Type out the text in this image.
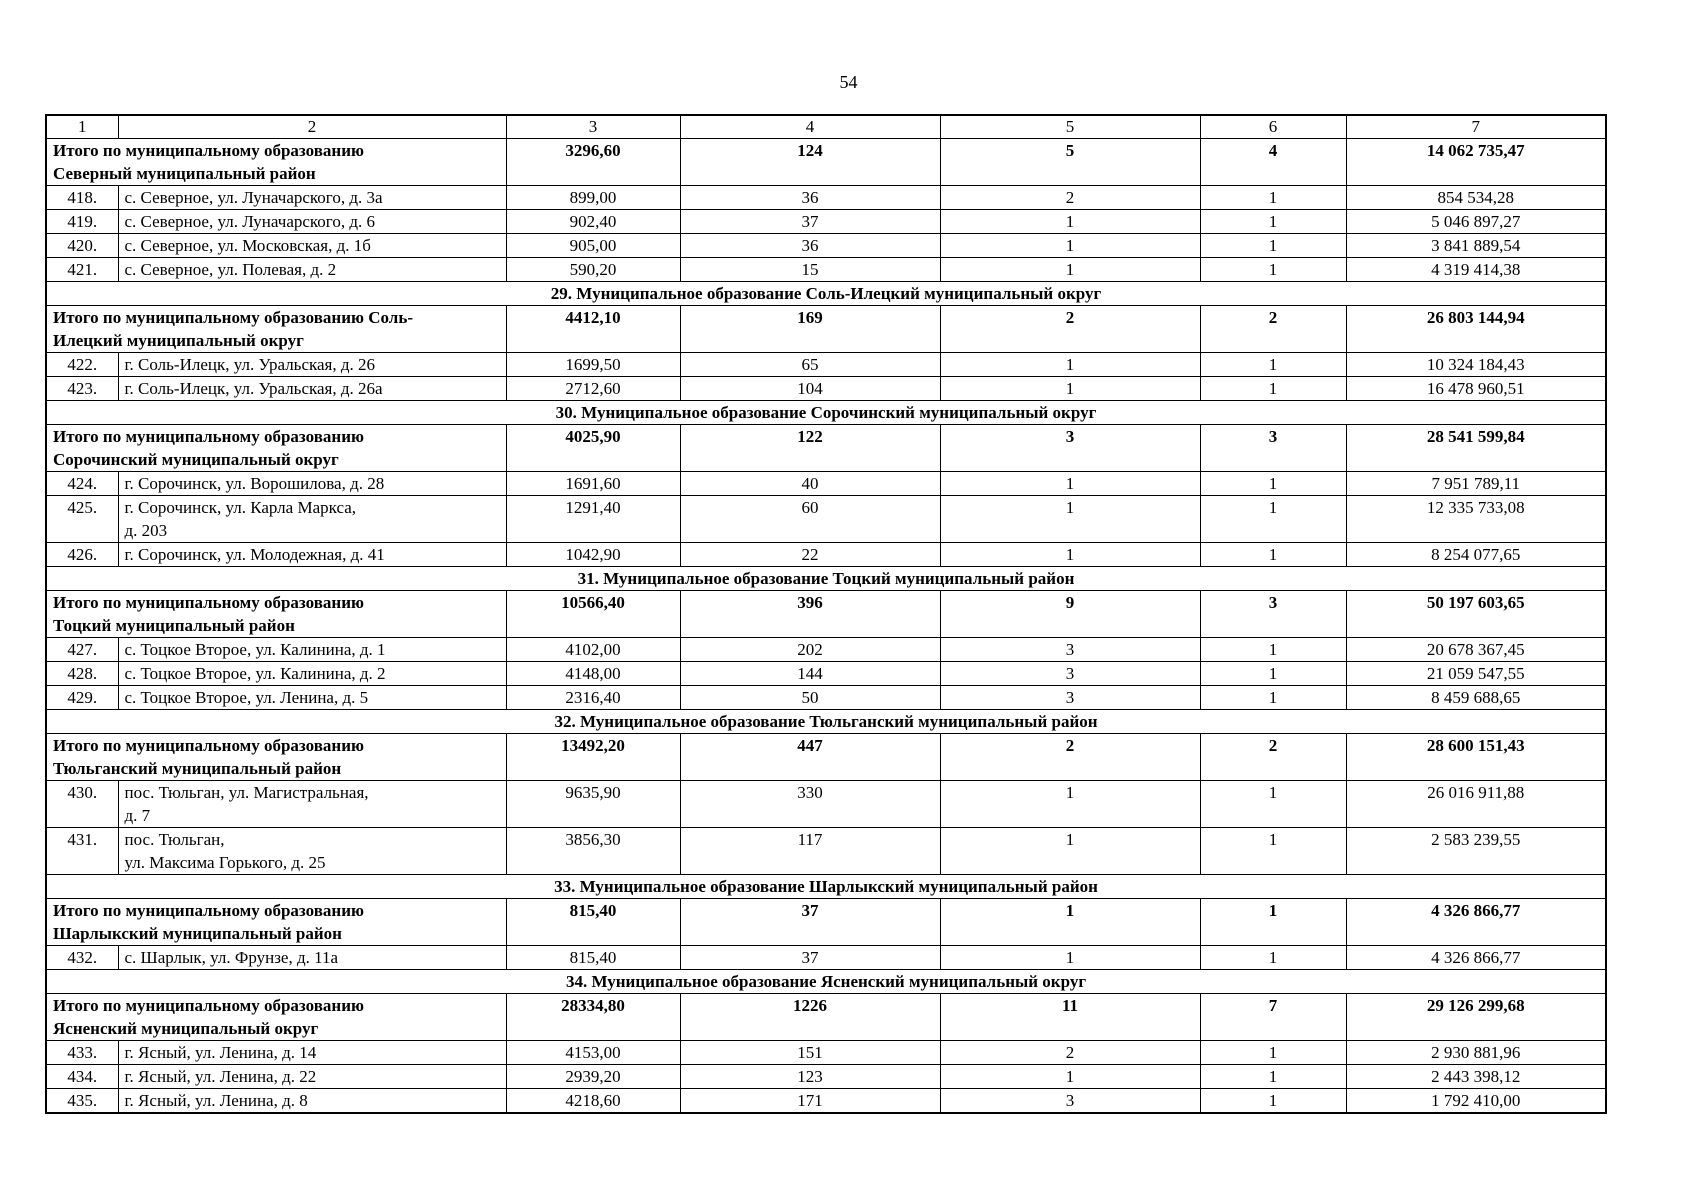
54
1	2	3	4	5	6	7

Итого по муниципальному образованию
Северный муниципальный район		3296,60	124	5	4	14 062 735,47
418.	с. Северное, ул. Луначарского, д. 3а	899,00	36	2	1	854 534,28
419.	с. Северное, ул. Луначарского, д. 6	902,40	37	1	1	5 046 897,27
420.	с. Северное, ул. Московская, д. 1б	905,00	36	1	1	3 841 889,54
421.	с. Северное, ул. Полевая, д. 2	590,20	15	1	1	4 319 414,38
29. Муниципальное образование Соль-Илецкий муниципальный округ						

Итого по муниципальному образованию Соль-
Илецкий муниципальный округ		4412,10	169	2	2	26 803 144,94
422.	г. Соль-Илецк, ул. Уральская, д. 26	1699,50	65	1	1	10 324 184,43
423.	г. Соль-Илецк, ул. Уральская, д. 26а	2712,60	104	1	1	16 478 960,51
30. Муниципальное образование Сорочинский муниципальный округ						

Итого по муниципальному образованию
Сорочинский муниципальный округ		4025,90	122	3	3	28 541 599,84
424.	г. Сорочинск, ул. Ворошилова, д. 28	1691,60	40	1	1	7 951 789,11
425.	г. Сорочинск, ул. Карла Маркса,
д. 203	1291,40	60	1	1	12 335 733,08
426.	г. Сорочинск, ул. Молодежная, д. 41	1042,90	22	1	1	8 254 077,65
31. Муниципальное образование Тоцкий муниципальный район						

Итого по муниципальному образованию
Тоцкий муниципальный район		10566,40	396	9	3	50 197 603,65
427.	с. Тоцкое Второе, ул. Калинина, д. 1	4102,00	202	3	1	20 678 367,45
428.	с. Тоцкое Второе, ул. Калинина, д. 2	4148,00	144	3	1	21 059 547,55
429.	с. Тоцкое Второе, ул. Ленина, д. 5	2316,40	50	3	1	8 459 688,65
32. Муниципальное образование Тюльганский муниципальный район						

Итого по муниципальному образованию
Тюльганский муниципальный район		13492,20	447	2	2	28 600 151,43
430.	пос. Тюльган, ул. Магистральная,
д. 7	9635,90	330	1	1	26 016 911,88
431.	пос. Тюльган,
ул. Максима Горького, д. 25	3856,30	117	1	1	2 583 239,55
33. Муниципальное образование Шарлыкский муниципальный район						

Итого по муниципальному образованию
Шарлыкский муниципальный район		815,40	37	1	1	4 326 866,77
432.	с. Шарлык, ул. Фрунзе, д. 11а	815,40	37	1	1	4 326 866,77
34. Муниципальное образование Ясненский муниципальный округ						

Итого по муниципальному образованию
Ясненский муниципальный округ		28334,80	1226	11	7	29 126 299,68
433.	г. Ясный, ул. Ленина, д. 14	4153,00	151	2	1	2 930 881,96
434.	г. Ясный, ул. Ленина, д. 22	2939,20	123	1	1	2 443 398,12
435.	г. Ясный, ул. Ленина, д. 8	4218,60	171	3	1	1 792 410,00
